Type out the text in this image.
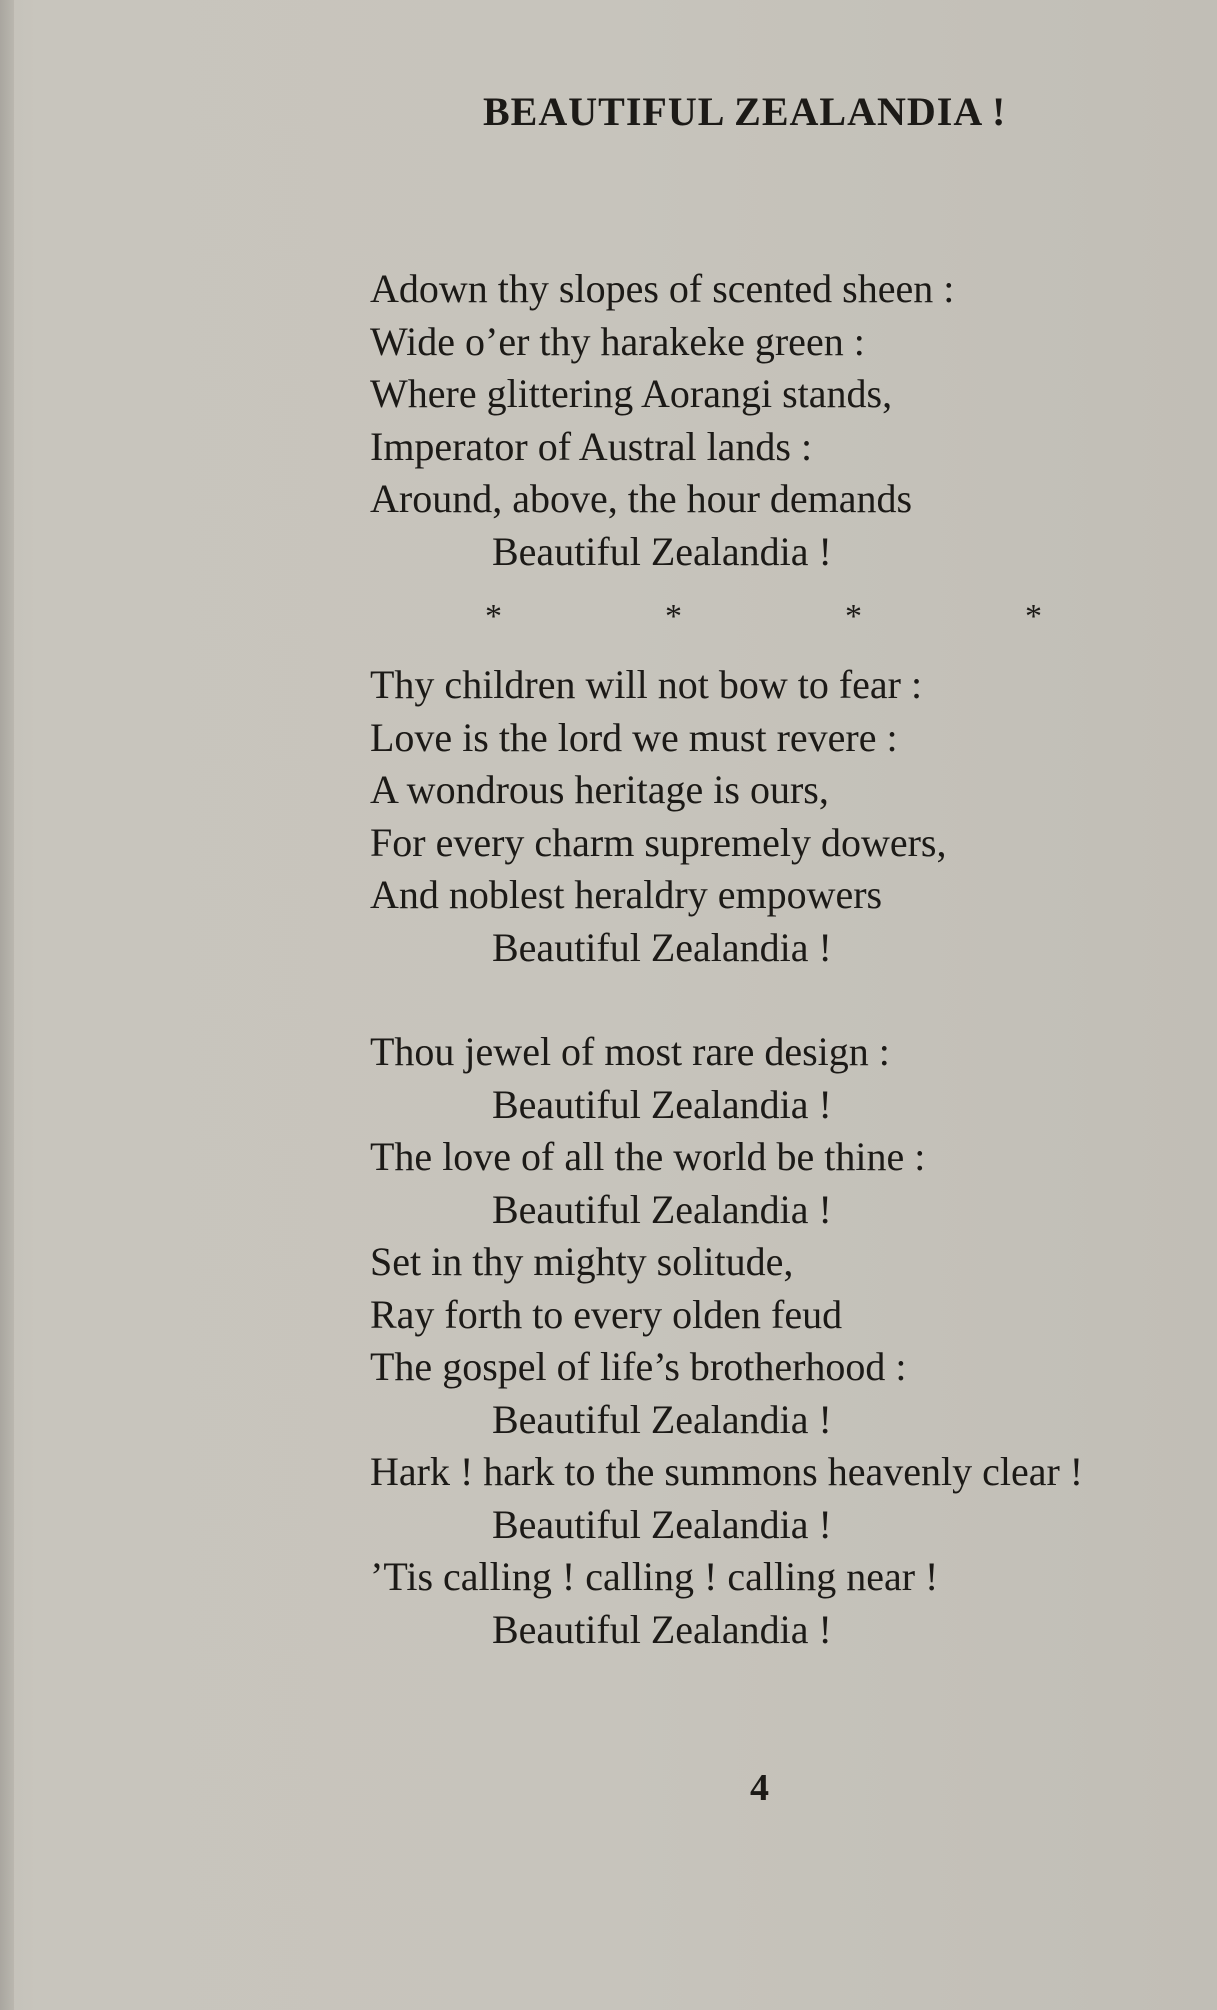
BEAUTIFUL ZEALANDIA !
Adown thy slopes of scented sheen :
Wide o’er thy harakeke green :
Where glittering Aorangi stands,
Imperator of Austral lands :
Around, above, the hour demands
Beautiful Zealandia !
*	*	*	*
Thy children will not bow to fear :
Love is the lord we must revere :
A wondrous heritage is ours,
For every charm supremely dowers,
And noblest heraldry empowers
Beautiful Zealandia !
Thou jewel of most rare design :
Beautiful Zealandia !
The love of all the world be thine :
Beautiful Zealandia !
Set in thy mighty solitude,
Ray forth to every olden feud
The gospel of life’s brotherhood :
Beautiful Zealandia !
Hark ! hark to the summons heavenly clear !
Beautiful Zealandia !
’Tis calling ! calling ! calling near !
Beautiful Zealandia !

4
